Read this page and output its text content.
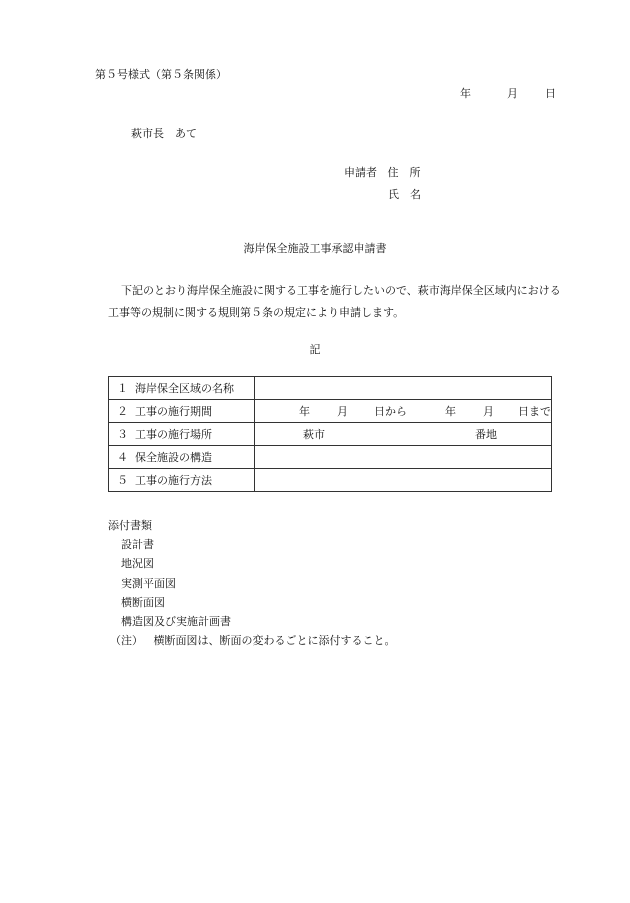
第５号様式（第５条関係）
年	月 日
萩市長　あて
申請者 住　所
氏　名
海岸保全施設工事承認申請書
下記のとおり海岸保全施設に関する工事を施行したいので、萩市海岸保全区域内における工事等の規制に関する規則第５条の規定により申請します。
記
１ 海岸保全区域の名称	
２ 工事の施行期間	年 月 日から 年 月 日まで
３ 工事の施行場所	萩市 番地
４ 保全施設の構造	
５ 工事の施行方法	
添付書類
設計書
地況図
実測平面図
横断面図
構造図及び実施計画書
（注） 横断面図は、断面の変わるごとに添付すること。
